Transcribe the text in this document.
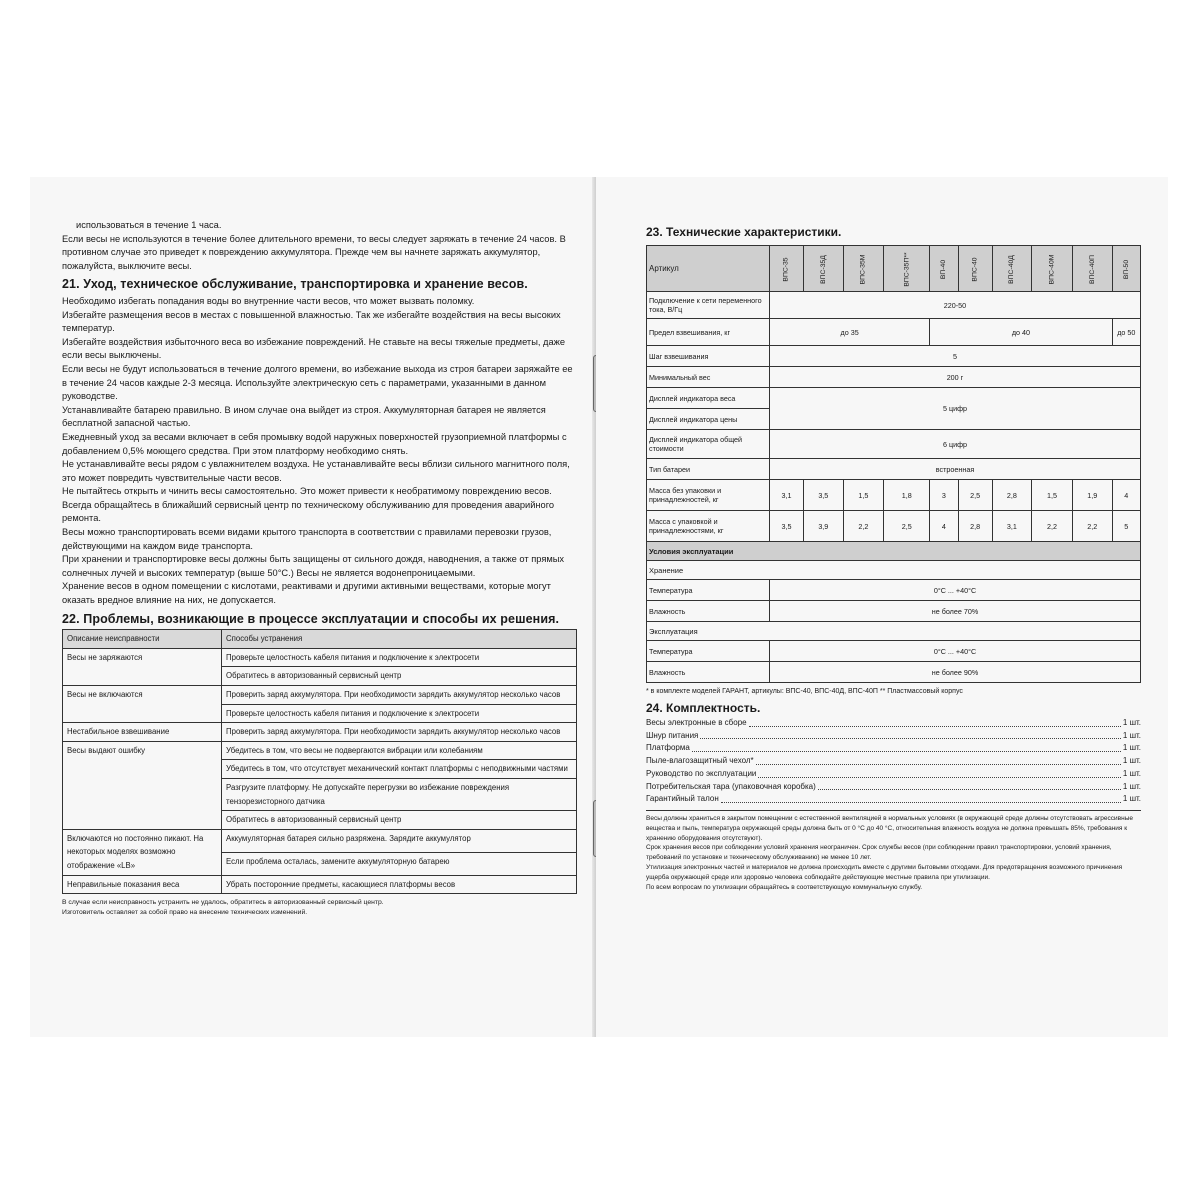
использоваться в течение 1 часа.

Если весы не используются в течение более длительного времени, то весы следует заряжать в течение 24 часов. В противном случае это приведет к повреждению аккумулятора. Прежде чем вы начнете заряжать аккумулятор, пожалуйста, выключите весы.

21. Уход, техническое обслуживание, транспортировка и хранение весов.

Необходимо избегать попадания воды во внутренние части весов, что может вызвать поломку.

Избегайте размещения весов в местах с повышенной влажностью. Так же избегайте воздействия на весы высоких температур.

Избегайте воздействия избыточного веса во избежание повреждений. Не ставьте на весы тяжелые предметы, даже если весы выключены.

Если весы не будут использоваться в течение долгого времени, во избежание выхода из строя батареи заряжайте ее в течение 24 часов каждые 2-3 месяца. Используйте электрическую сеть с параметрами, указанными в данном руководстве.

Устанавливайте батарею правильно. В ином случае она выйдет из строя. Аккумуляторная батарея не является бесплатной запасной частью.

Ежедневный уход за весами включает в себя промывку водой наружных поверхностей грузоприемной платформы с добавлением 0,5% моющего средства. При этом платформу необходимо снять.

Не устанавливайте весы рядом с увлажнителем воздуха. Не устанавливайте весы вблизи сильного магнитного поля, это может повредить чувствительные части весов.

Не пытайтесь открыть и чинить весы самостоятельно. Это может привести к необратимому повреждению весов. Всегда обращайтесь в ближайший сервисный центр по техническому обслуживанию для проведения аварийного ремонта.

Весы можно транспортировать всеми видами крытого транспорта в соответствии с правилами перевозки грузов, действующими на каждом виде транспорта.

При хранении и транспортировке весы должны быть защищены от сильного дождя, наводнения, а также от прямых солнечных лучей и высоких температур (выше 50°C.) Весы не является водонепроницаемыми.

Хранение весов в одном помещении с кислотами, реактивами и другими активными веществами, которые могут оказать вредное влияние на них, не допускается.

22. Проблемы, возникающие в процессе эксплуатации и способы их решения.
Описание неисправности	Способы устранения
Весы не заряжаются	Проверьте целостность кабеля питания и подключение к электросети
	Обратитесь в авторизованный сервисный центр
Весы не включаются	Проверить заряд аккумулятора. При необходимости зарядить аккумулятор несколько часов
	Проверьте целостность кабеля питания и подключение к электросети
Нестабильное взвешивание	Проверить заряд аккумулятора. При необходимости зарядить аккумулятор несколько часов
Весы выдают ошибку	Убедитесь в том, что весы не подвергаются вибрации или колебаниям
	Убедитесь в том, что отсутствует механический контакт платформы с неподвижными частями
	Разгрузите платформу. Не допускайте перегрузки во избежание повреждения тензорезисторного датчика
	Обратитесь в авторизованный сервисный центр
Включаются но постоянно пикают. На некоторых моделях возможно отображение «LB»	Аккумуляторная батарея сильно разряжена. Зарядите аккумулятор
	Если проблема осталась, замените аккумуляторную батарею
Неправильные показания веса	Убрать посторонние предметы, касающиеся платформы весов

В случае если неисправность устранить не удалось, обратитесь в авторизованный сервисный центр.

Изготовитель оставляет за собой право на внесение технических изменений.

23. Технические характеристики.
Артикул	ВПС-35	ВПС-35Д	ВПС-35М	ВПС-35П**	ВП-40	ВПС-40	ВПС-40Д	ВПС-40М	ВПС-40П	ВП-50
Подключение к сети переменного тока, В/Гц	220-50									
Предел взвешивания, кг	до 35				до 40					до 50
Шаг взвешивания	5									
Минимальный вес	200 г									
Дисплей индикатора веса	5 цифр									
Дисплей индикатора цены										
Дисплей индикатора общей стоимости	6 цифр									
Тип батареи	встроенная									
Масса без упаковки и принадлежностей, кг	3,1	3,5	1,5	1,8	3	2,5	2,8	1,5	1,9	4
Масса с упаковкой и принадлежностями, кг	3,5	3,9	2,2	2,5	4	2,8	3,1	2,2	2,2	5
Условия эксплуатации										
Хранение										
Температура	0°C ... +40°C									
Влажность	не более 70%									
Эксплуатация										
Температура	0°C ... +40°C									
Влажность	не более 90%									

* в комплекте моделей ГАРАНТ, артикулы: ВПС-40, ВПС-40Д, ВПС-40П ** Пластмассовый корпус

24. Комплектность.
Весы электронные в сборе	1 шт.
Шнур питания	1 шт.
Платформа	1 шт.
Пыле-влагозащитный чехол*	1 шт.
Руководство по эксплуатации	1 шт.
Потребительская тара (упаковочная коробка)	1 шт.
Гарантийный талон	1 шт.

Весы должны храниться в закрытом помещении с естественной вентиляцией в нормальных условиях (в окружающей среде должны отсутствовать агрессивные вещества и пыль, температура окружающей среды должна быть от 0 °С до 40 °С, относительная влажность воздуха не должна превышать 85%, требования к хранению оборудования отсутствуют).

Срок хранения весов при соблюдении условий хранения неограничен. Срок службы весов (при соблюдении правил транспортировки, условий хранения, требований по установке и техническому обслуживанию) не менее 10 лет.

Утилизация электронных частей и материалов не должна происходить вместе с другими бытовыми отходами. Для предотвращения возможного причинения ущерба окружающей среде или здоровью человека соблюдайте действующие местные правила при утилизации.

По всем вопросам по утилизации обращайтесь в соответствующую коммунальную службу.
